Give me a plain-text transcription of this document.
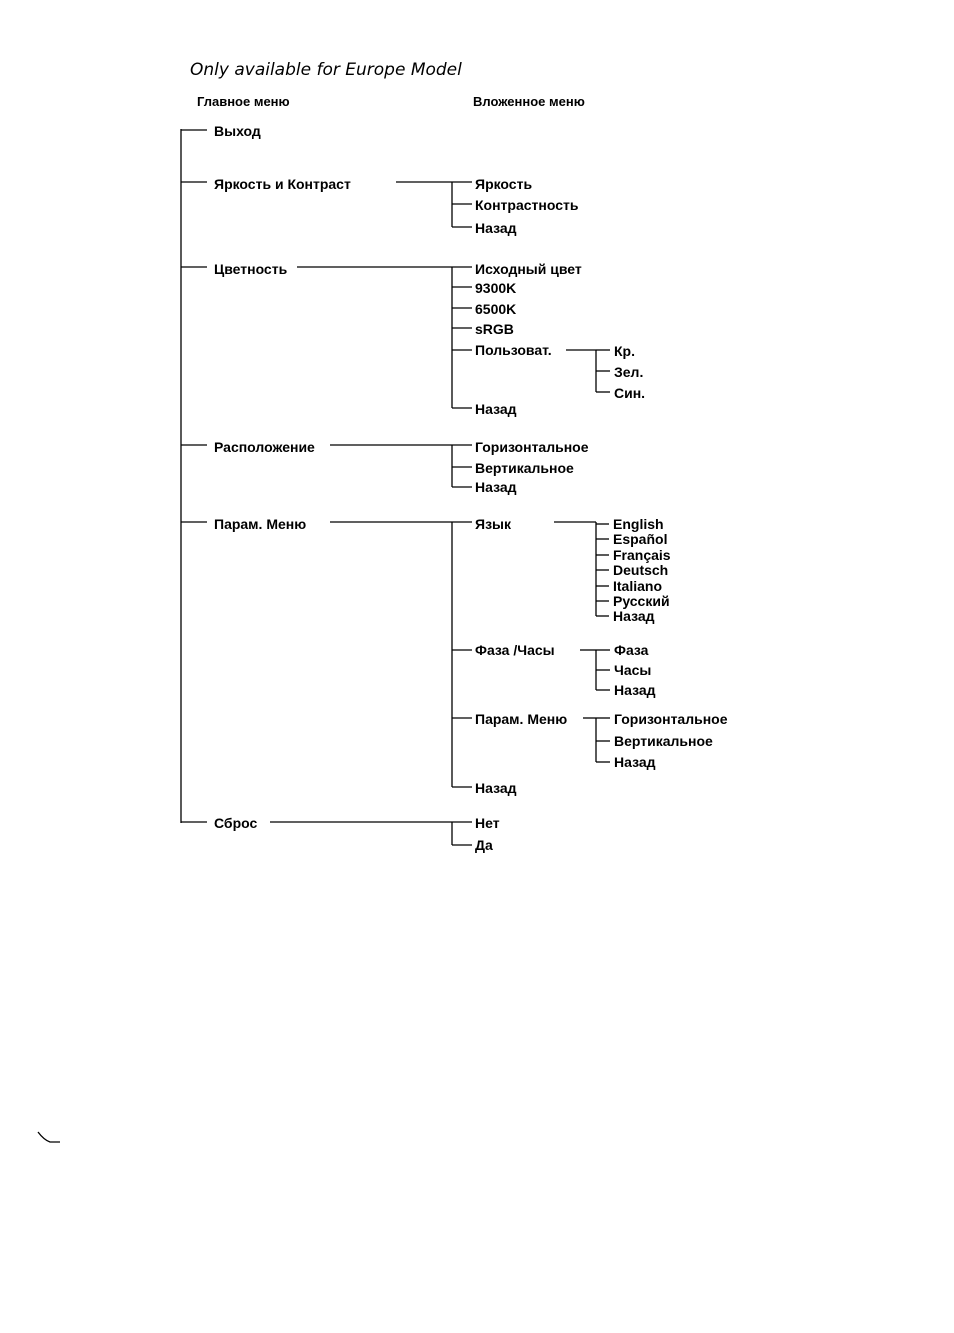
Only available for Europe Model
Главное меню	Вложенное меню
Выход
Яркость и Контраст
Цветность
Расположение
Парам. Меню
Сброс
Яркость
Контрастность
Назад
Исходный цвет
9300K
6500K
sRGB
Пользоват.	Кр.
Зел.
Син.
Назад
Горизонтальное
Вертикальное
Назад
Язык	English
Español
Français
Deutsch
Italiano
Русский
Назад
Фаза /Часы	Фаза
Часы
Назад
Парам. Меню	Горизонтальное
Вертикальное
Назад
Назад
Нет
Да
